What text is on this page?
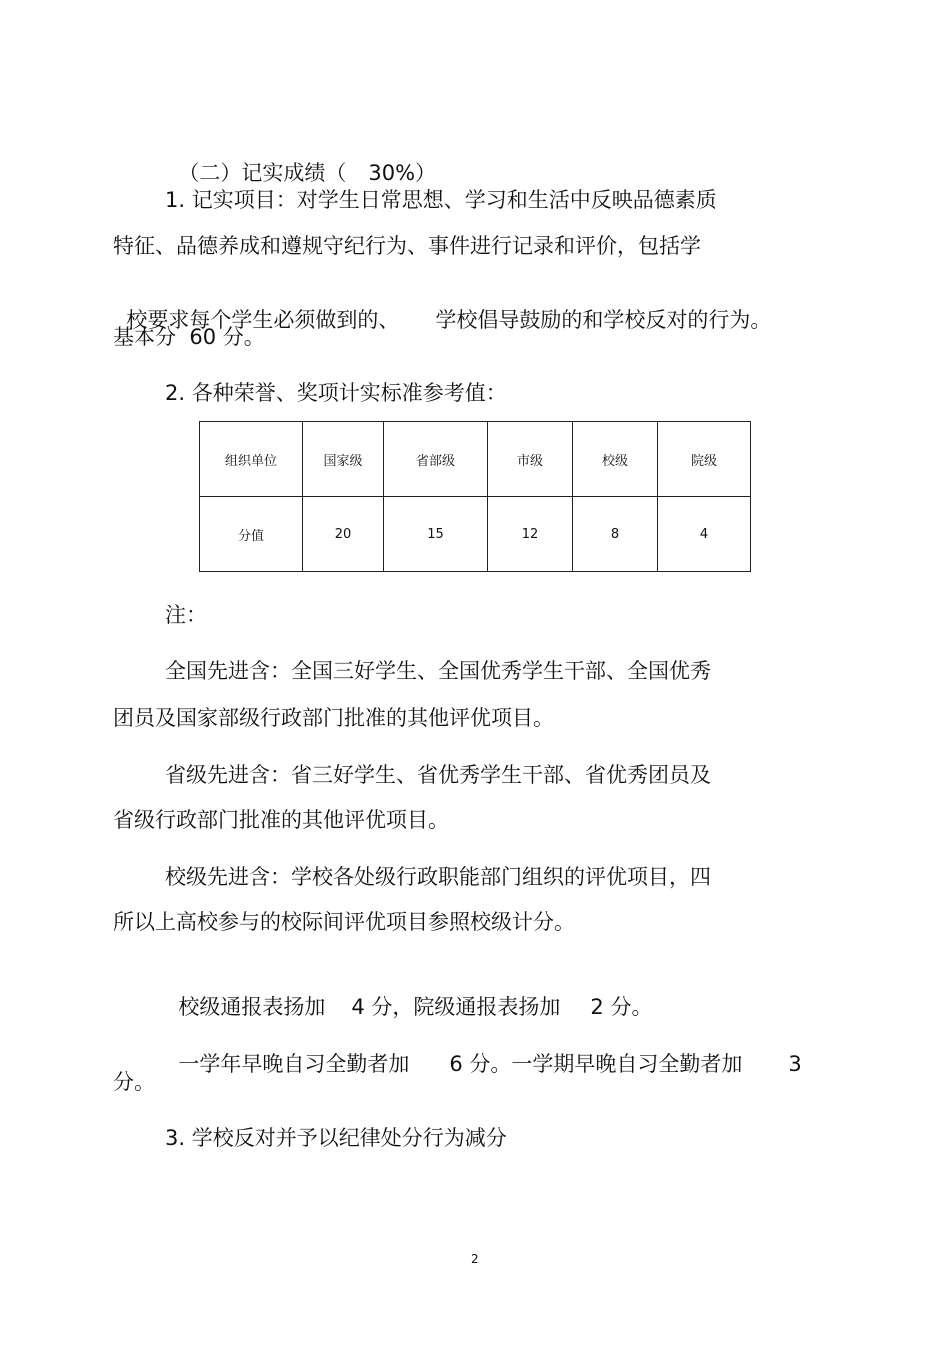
（二）记实成绩（ 30%）

1. 记实项目：对学生日常思想、学习和生活中反映品德素质
特征、品德养成和遵规守纪行为、事件进行记录和评价，包括学

校要求每个学生必须做到的、 学校倡导鼓励的和学校反对的行为。

基本分  60 分。
2. 各种荣誉、奖项计实标准参考值：
组织单位	国家级	省部级	市级	校级	院级
分值	20	15	12	8	4
注：
全国先进含：全国三好学生、全国优秀学生干部、全国优秀
团员及国家部级行政部门批准的其他评优项目。
省级先进含：省三好学生、省优秀学生干部、省优秀团员及
省级行政部门批准的其他评优项目。
校级先进含：学校各处级行政职能部门组织的评优项目，四
所以上高校参与的校际间评优项目参照校级计分。

校级通报表扬加 4 分，院级通报表扬加 2 分。

一学年早晚自习全勤者加 6 分。一学期早晚自习全勤者加 3

分。
3. 学校反对并予以纪律处分行为减分
2
